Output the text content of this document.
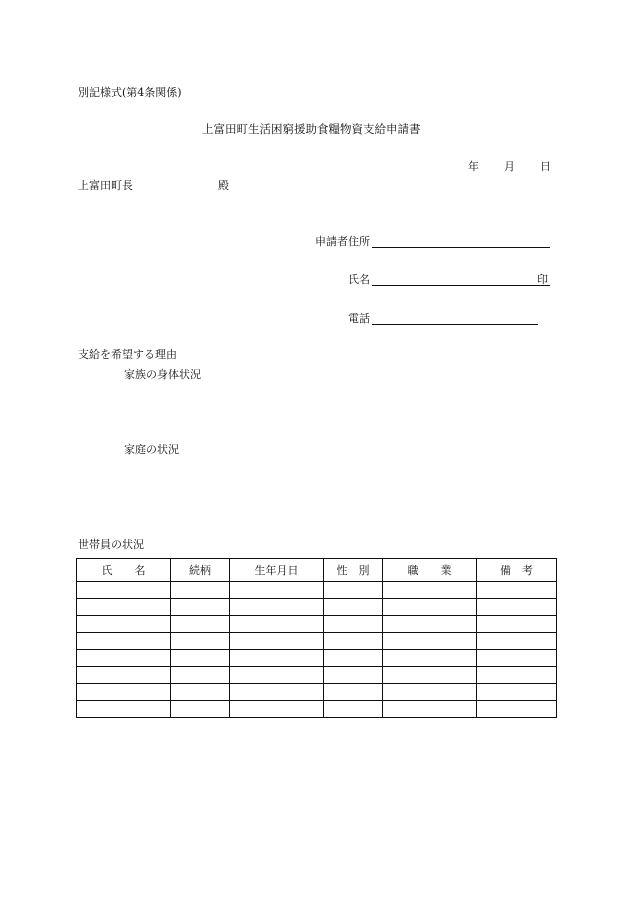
別記様式(第4条関係)
上富田町生活困窮援助食糧物資支給申請書
年 月 日
上富田町長	殿
申請者住所
氏名	印
電話
支給を希望する理由
家族の身体状況
家庭の状況
世帯員の状況
氏　　名	続柄	生年月日	性　別	職　　業	備　考
